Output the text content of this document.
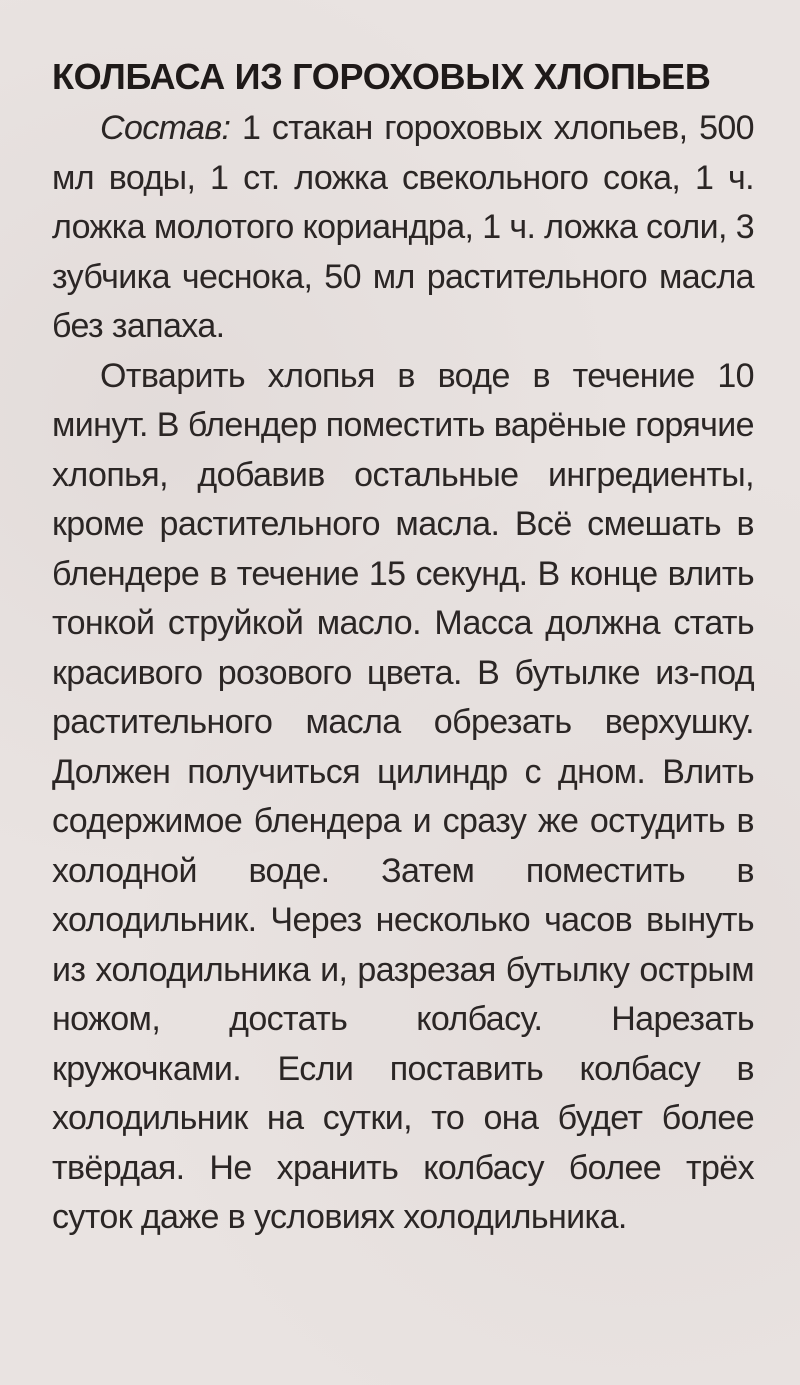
КОЛБАСА ИЗ ГОРОХОВЫХ ХЛОПЬЕВ

Состав: 1 стакан гороховых хлопьев, 500 мл воды, 1 ст. ложка свекольного сока, 1 ч. ложка молотого кориандра, 1 ч. ложка соли, 3 зубчика чеснока, 50 мл растительного масла без запаха.

Отварить хлопья в воде в течение 10 минут. В блендер поместить варёные горячие хлопья, добавив остальные ингредиенты, кроме растительного масла. Всё смешать в блендере в течение 15 секунд. В конце влить тонкой струйкой масло. Масса должна стать красивого розового цвета. В бутылке из-под растительного масла обрезать верхушку. Должен получиться цилиндр с дном. Влить содержимое блендера и сразу же остудить в холодной воде. Затем поместить в холодильник. Через несколько часов вынуть из холодильника и, разрезая бутылку острым ножом, достать колбасу. Нарезать кружочками. Если поставить колбасу в холодильник на сутки, то она будет более твёрдая. Не хранить колбасу более трёх суток даже в условиях холодильника.
